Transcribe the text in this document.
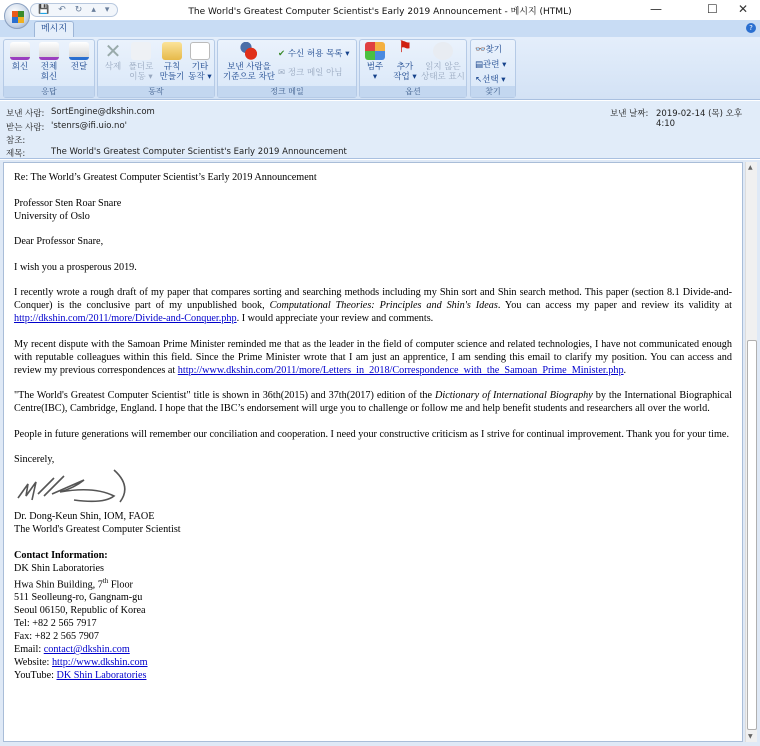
The World's Greatest Computer Scientist's Early 2019 Announcement - 메시지 (HTML)
💾 ↶ ↻ ▴ ▾	—	☐ ✕
메시지	?
회신	전체
회신
전달
응답
✕
삭제 폴더로
이동 ▾
규칙
만들기
기타
동작 ▾
동작
보낸 사람을
기준으로 차단
✔ 수신 허용 목록 ▾
✉ 정크 메일 아님
정크 메일
범주
▾
⚑
추가
작업 ▾
읽지 않은
상태로 표시
옵션
👓찾기
▤관련 ▾
↖선택 ▾
찾기
보낸 사람: SortEngine@dkshin.com
받는 사람: 'stenrs@ifi.uio.no'
참조:
제목:	The World's Greatest Computer Scientist's Early 2019 Announcement
보낸 날짜: 2019-02-14 (목) 오후 4:10

Re: The World’s Greatest Computer Scientist’s Early 2019 Announcement

Professor Sten Roar Snare
University of Oslo

Dear Professor Snare,

I wish you a prosperous 2019.

I recently wrote a rough draft of my paper that compares sorting and searching methods including my Shin sort and Shin search method. This paper (section 8.1 Divide-and-Conquer) is the conclusive part of my unpublished book, Computational Theories: Principles and Shin's Ideas. You can access my paper and review its validity at http://dkshin.com/2011/more/Divide-and-Conquer.php. I would appreciate your review and comments.

My recent dispute with the Samoan Prime Minister reminded me that as the leader in the field of computer science and related technologies, I have not communicated enough with reputable colleagues within this field. Since the Prime Minister wrote that I am just an apprentice, I am sending this email to clarify my position. You can access and review my previous correspondences at http://www.dkshin.com/2011/more/Letters_in_2018/Correspondence_with_the_Samoan_Prime_Minister.php.

"The World's Greatest Computer Scientist" title is shown in 36th(2015) and 37th(2017) edition of the Dictionary of International Biography by the International Biographical Centre(IBC), Cambridge, England. I hope that the IBC’s endorsement will urge you to challenge or follow me and help benefit students and researchers all over the world.

People in future generations will remember our conciliation and cooperation. I need your constructive criticism as I strive for continual improvement. Thank you for your time.

Sincerely,
Dr. Dong-Keun Shin, IOM, FAOE
The World's Greatest Computer Scientist
Contact Information:
DK Shin Laboratories
Hwa Shin Building, 7th Floor
511 Seolleung-ro, Gangnam-gu
Seoul 06150, Republic of Korea
Tel: +82 2 565 7917
Fax: +82 2 565 7907
Email: contact@dkshin.com
Website: http://www.dkshin.com
YouTube: DK Shin Laboratories
▲
▼
